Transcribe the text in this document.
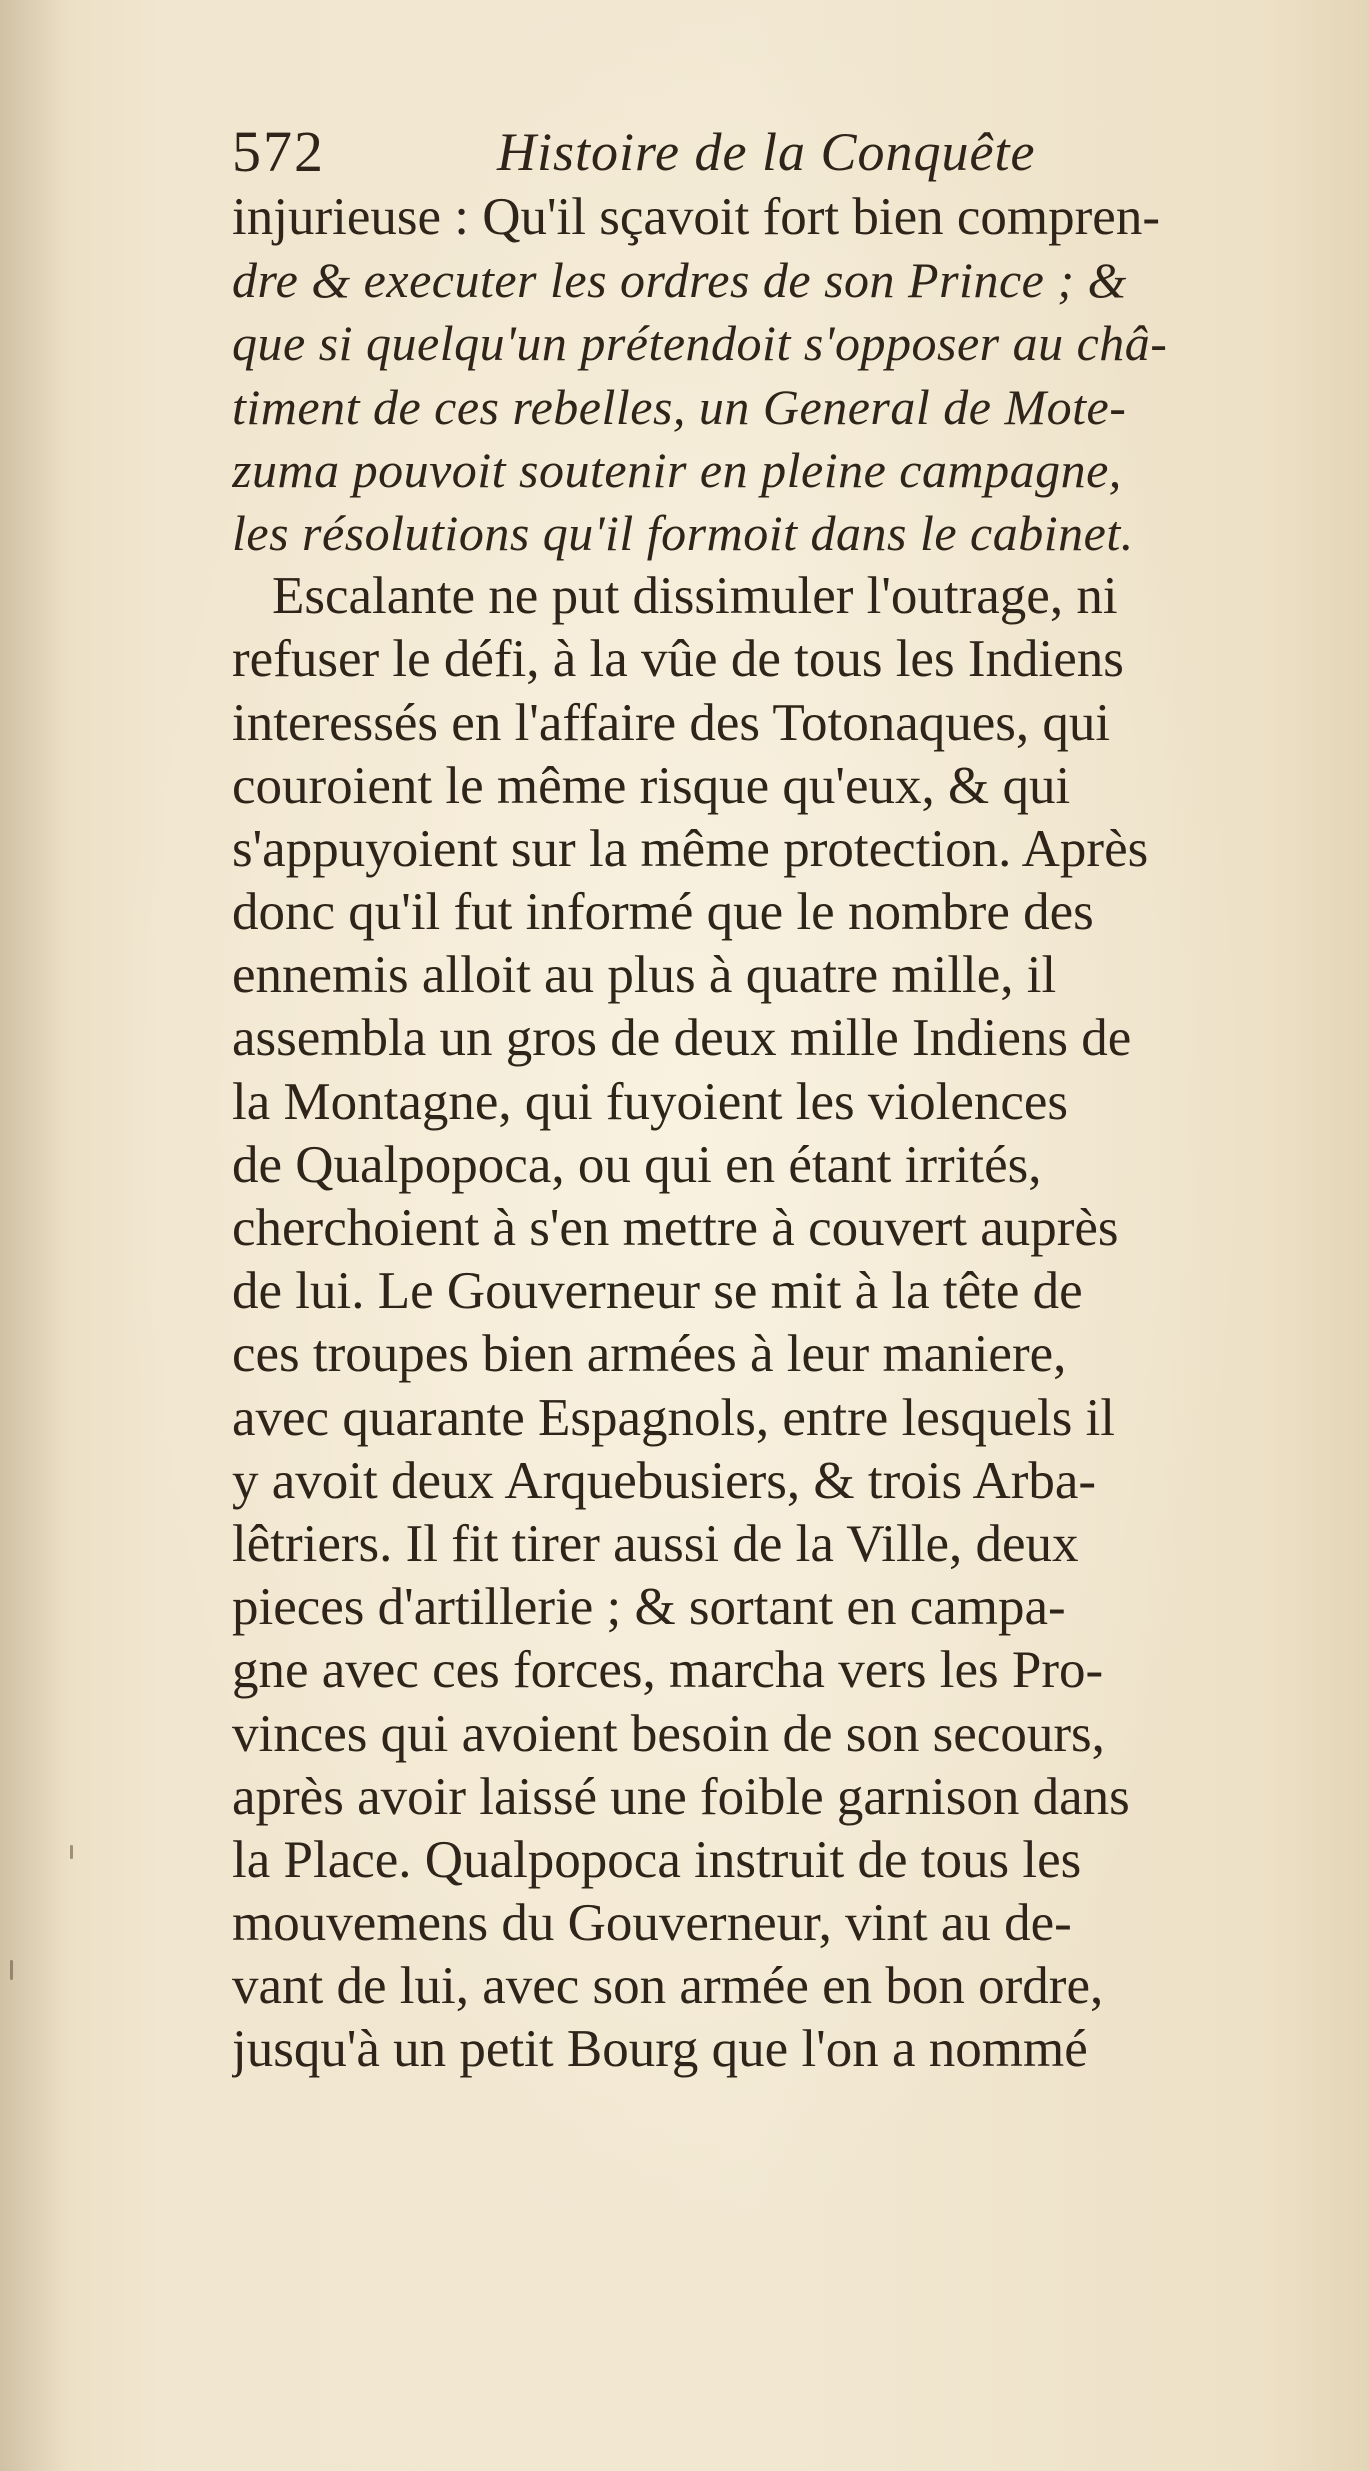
572	Histoire de la Conquête
injurieuse : Qu'il sçavoit fort bien compren-
dre & executer les ordres de son Prince ; &
que si quelqu'un prétendoit s'opposer au châ-
timent de ces rebelles, un General de Mote-
zuma pouvoit soutenir en pleine campagne,
les résolutions qu'il formoit dans le cabinet.
Escalante ne put dissimuler l'outrage, ni
refuser le défi, à la vûe de tous les Indiens
interessés en l'affaire des Totonaques, qui
couroient le même risque qu'eux, & qui
s'appuyoient sur la même protection. Après
donc qu'il fut informé que le nombre des
ennemis alloit au plus à quatre mille, il
assembla un gros de deux mille Indiens de
la Montagne, qui fuyoient les violences
de Qualpopoca, ou qui en étant irrités,
cherchoient à s'en mettre à couvert auprès
de lui. Le Gouverneur se mit à la tête de
ces troupes bien armées à leur maniere,
avec quarante Espagnols, entre lesquels il
y avoit deux Arquebusiers, & trois Arba-
lêtriers. Il fit tirer aussi de la Ville, deux
pieces d'artillerie ; & sortant en campa-
gne avec ces forces, marcha vers les Pro-
vinces qui avoient besoin de son secours,
après avoir laissé une foible garnison dans
la Place. Qualpopoca instruit de tous les
mouvemens du Gouverneur, vint au de-
vant de lui, avec son armée en bon ordre,
jusqu'à un petit Bourg que l'on a nommé
